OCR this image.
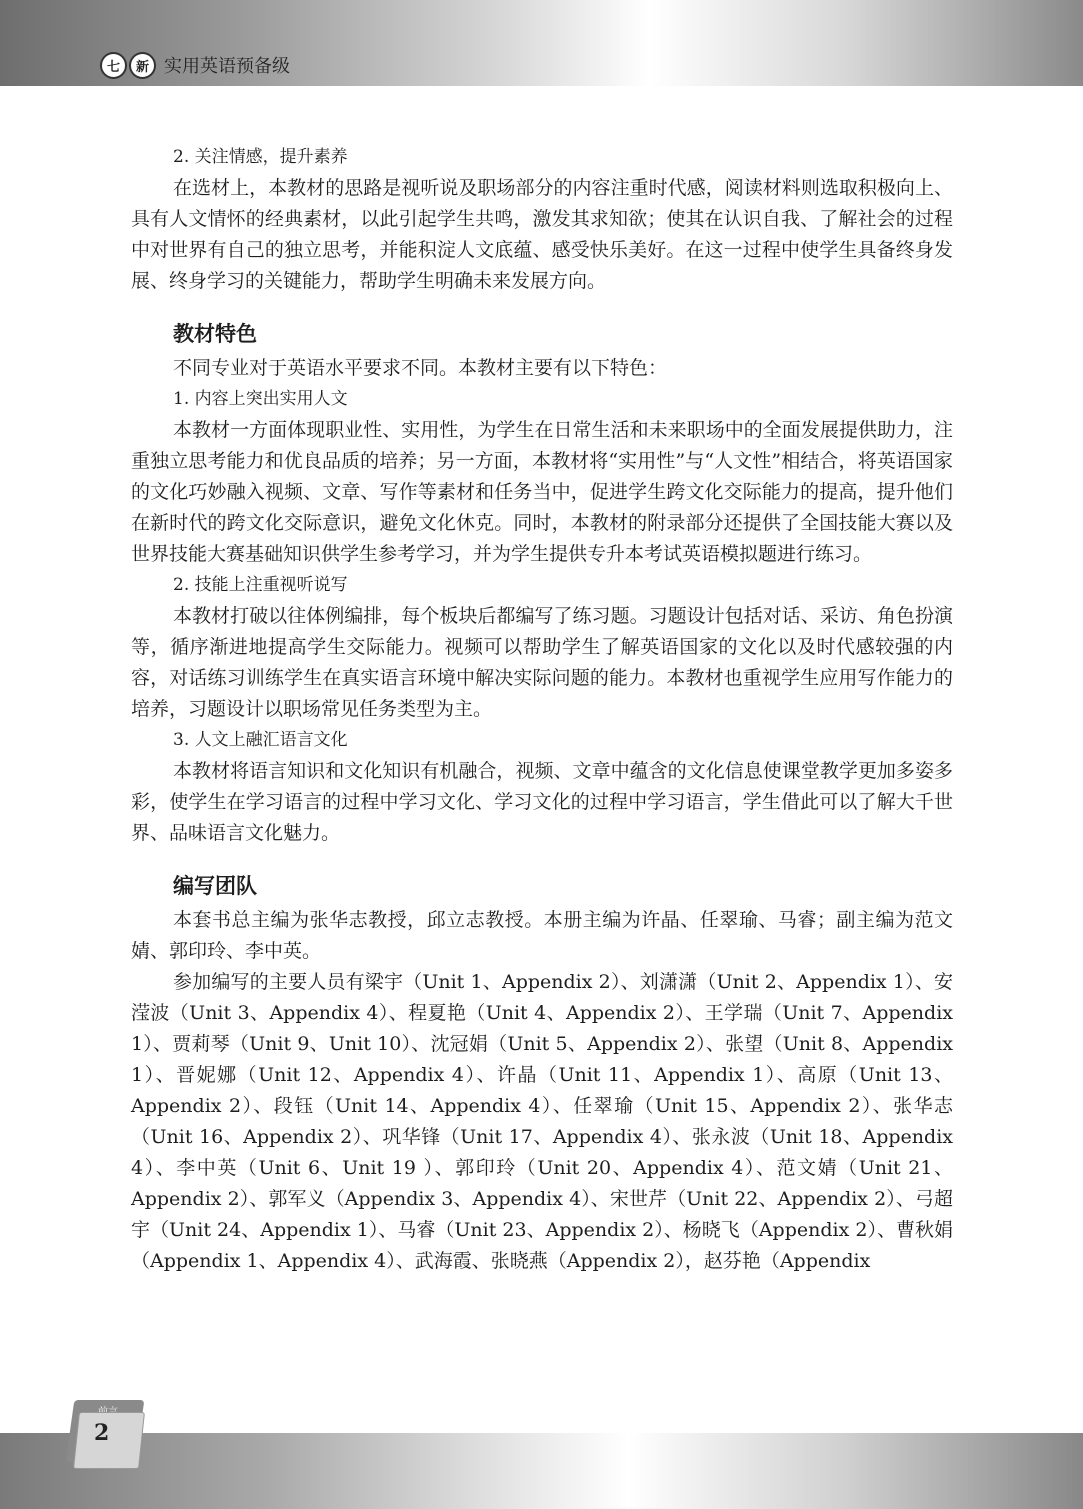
七	新 实用英语预备级

2. 关注情感，提升素养

在选材上，本教材的思路是视听说及职场部分的内容注重时代感，阅读材料则选取积极向上、具有人文情怀的经典素材，以此引起学生共鸣，激发其求知欲；使其在认识自我、了解社会的过程中对世界有自己的独立思考，并能积淀人文底蕴、感受快乐美好。在这一过程中使学生具备终身发展、终身学习的关键能力，帮助学生明确未来发展方向。

教材特色

不同专业对于英语水平要求不同。本教材主要有以下特色：

1. 内容上突出实用人文

本教材一方面体现职业性、实用性，为学生在日常生活和未来职场中的全面发展提供助力，注重独立思考能力和优良品质的培养；另一方面，本教材将“实用性”与“人文性”相结合，将英语国家的文化巧妙融入视频、文章、写作等素材和任务当中，促进学生跨文化交际能力的提高，提升他们在新时代的跨文化交际意识，避免文化休克。同时，本教材的附录部分还提供了全国技能大赛以及世界技能大赛基础知识供学生参考学习，并为学生提供专升本考试英语模拟题进行练习。

2. 技能上注重视听说写

本教材打破以往体例编排，每个板块后都编写了练习题。习题设计包括对话、采访、角色扮演等，循序渐进地提高学生交际能力。视频可以帮助学生了解英语国家的文化以及时代感较强的内容，对话练习训练学生在真实语言环境中解决实际问题的能力。本教材也重视学生应用写作能力的培养，习题设计以职场常见任务类型为主。

3. 人文上融汇语言文化

本教材将语言知识和文化知识有机融合，视频、文章中蕴含的文化信息使课堂教学更加多姿多彩，使学生在学习语言的过程中学习文化、学习文化的过程中学习语言，学生借此可以了解大千世界、品味语言文化魅力。

编写团队

本套书总主编为张华志教授，邱立志教授。本册主编为许晶、任翠瑜、马睿；副主编为范文婧、郭印玲、李中英。

参加编写的主要人员有梁宇（Unit 1、Appendix 2）、刘潇潇（Unit 2、Appendix 1）、安滢波（Unit 3、Appendix 4）、程夏艳（Unit 4、Appendix 2）、王学瑞（Unit 7、Appendix 1）、贾莉琴（Unit 9、Unit 10）、沈冠娟（Unit 5、Appendix 2）、张望（Unit 8、Appendix 1）、晋妮娜（Unit 12、Appendix 4）、许晶（Unit 11、Appendix 1）、高原（Unit 13、Appendix 2）、段钰（Unit 14、Appendix 4）、任翠瑜（Unit 15、Appendix 2）、张华志（Unit 16、Appendix 2）、巩华锋（Unit 17、Appendix 4）、张永波（Unit 18、Appendix 4）、李中英（Unit 6、Unit 19 ）、郭印玲（Unit 20、Appendix 4）、范文婧（Unit 21、Appendix 2）、郭军义（Appendix 3、Appendix 4）、宋世芹（Unit 22、Appendix 2）、弓超宇（Unit 24、Appendix 1）、马睿（Unit 23、Appendix 2）、杨晓飞（Appendix 2）、曹秋娟（Appendix 1、Appendix 4）、武海霞、张晓燕（Appendix 2），赵芬艳（Appendix

2
